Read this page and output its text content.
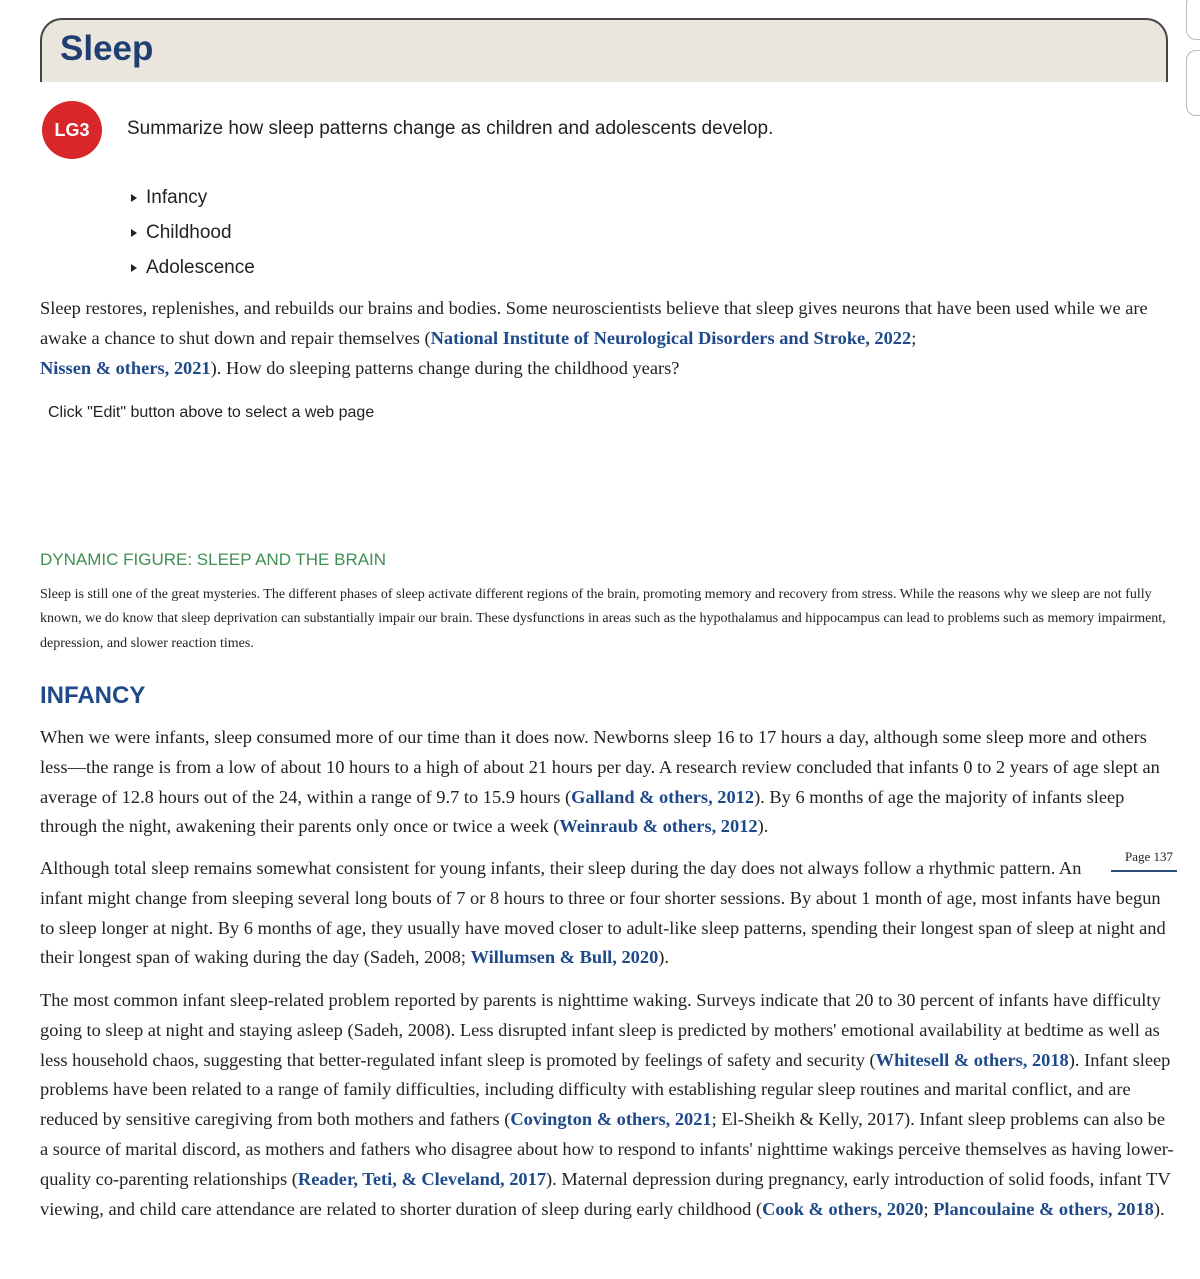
Sleep
LG3	Summarize how sleep patterns change as children and adolescents develop.
Infancy
Childhood
Adolescence

Sleep restores, replenishes, and rebuilds our brains and bodies. Some neuroscientists believe that sleep gives neurons that have been used while we are awake a chance to shut down and repair themselves (National Institute of Neurological Disorders and Stroke, 2022;
Nissen & others, 2021). How do sleeping patterns change during the childhood years?

Click "Edit" button above to select a web page
DYNAMIC FIGURE: SLEEP AND THE BRAIN

Sleep is still one of the great mysteries. The different phases of sleep activate different regions of the brain, promoting memory and recovery from stress. While the reasons why we sleep are not fully known, we do know that sleep deprivation can substantially impair our brain. These dysfunctions in areas such as the hypothalamus and hippocampus can lead to problems such as memory impairment, depression, and slower reaction times.

INFANCY

When we were infants, sleep consumed more of our time than it does now. Newborns sleep 16 to 17 hours a day, although some sleep more and others less—the range is from a low of about 10 hours to a high of about 21 hours per day. A research review concluded that infants 0 to 2 years of age slept an average of 12.8 hours out of the 24, within a range of 9.7 to 15.9 hours (Galland & others, 2012). By 6 months of age the majority of infants sleep through the night, awakening their parents only once or twice a week (Weinraub & others, 2012).

Page 137
Although total sleep remains somewhat consistent for young infants, their sleep during the day does not always follow a rhythmic pattern. An infant might change from sleeping several long bouts of 7 or 8 hours to three or four shorter sessions. By about 1 month of age, most infants have begun to sleep longer at night. By 6 months of age, they usually have moved closer to adult-like sleep patterns, spending their longest span of sleep at night and their longest span of waking during the day (Sadeh, 2008; Willumsen & Bull, 2020).

The most common infant sleep-related problem reported by parents is nighttime waking. Surveys indicate that 20 to 30 percent of infants have difficulty going to sleep at night and staying asleep (Sadeh, 2008). Less disrupted infant sleep is predicted by mothers' emotional availability at bedtime as well as less household chaos, suggesting that better-regulated infant sleep is promoted by feelings of safety and security (Whitesell & others, 2018). Infant sleep problems have been related to a range of family difficulties, including difficulty with establishing regular sleep routines and marital conflict, and are reduced by sensitive caregiving from both mothers and fathers (Covington & others, 2021; El-Sheikh & Kelly, 2017). Infant sleep problems can also be a source of marital discord, as mothers and fathers who disagree about how to respond to infants' nighttime wakings perceive themselves as having lower-quality co-parenting relationships (Reader, Teti, & Cleveland, 2017). Maternal depression during pregnancy, early introduction of solid foods, infant TV viewing, and child care attendance are related to shorter duration of sleep during early childhood (Cook & others, 2020; Plancoulaine & others, 2018).
